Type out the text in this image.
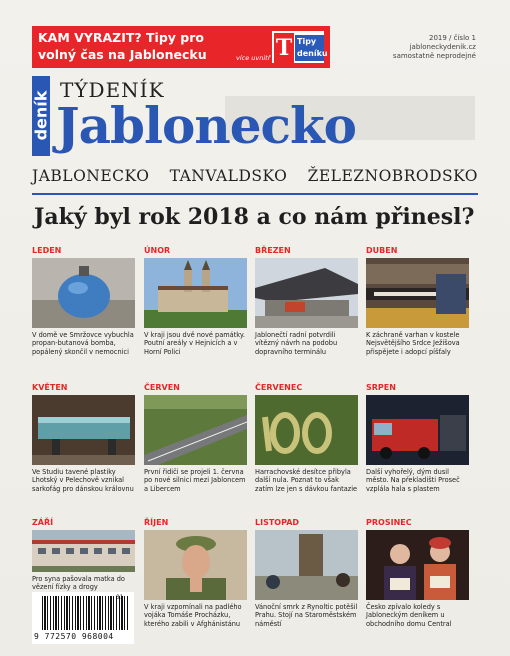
KAM VYRAZIT? Tipy pro volný čas na Jablonecku	více uvnitř T Tipy deníku
2019 / číslo 1
jabloneckydenik.cz
samostatně neprodejné
deník
TÝDENÍK
Jablonecko
JABLONECKO TANVALDSKO ŽELEZNOBRODSKO
Jaký byl rok 2018 a co nám přinesl?
LEDEN
V domě ve Smržovce vybuchla propan-butanová bomba, popálený skončil v nemocnici
ÚNOR
V kraji jsou dvě nové památky. Poutní areály v Hejnicích a v Horní Polici
BŘEZEN
Jablonečtí radní potvrdili vítězný návrh na podobu dopravního terminálu
DUBEN
K záchraně varhan v kostele Nejsvětějšího Srdce Ježíšova přispějete i adopcí píšťaly
KVĚTEN
Ve Studiu tavené plastiky Lhotský v Pelechově vznikal sarkofág pro dánskou královnu
ČERVEN
První řidiči se projeli 1. června po nové silnici mezi Jabloncem a Libercem
ČERVENEC
Harrachovské desítce přibyla další nula. Poznat to však zatím lze jen s dávkou fantazie
SRPEN
Další vyhořelý, dým dusil město. Na překladišti Proseč vzplála hala s plastem
ZÁŘÍ
Pro syna pašovala matka do vězení fízky a drogy
ŘÍJEN
V kraji vzpomínali na padlého vojáka Tomáše Procházku, kterého zabili v Afghánistánu
LISTOPAD
Vánoční smrk z Rynoltic potěšil Prahu. Stojí na Staroměstském náměstí
PROSINEC
Česko zpívalo koledy s Jabloneckým deníkem u obchodního domu Central
9 772570 968004
01
